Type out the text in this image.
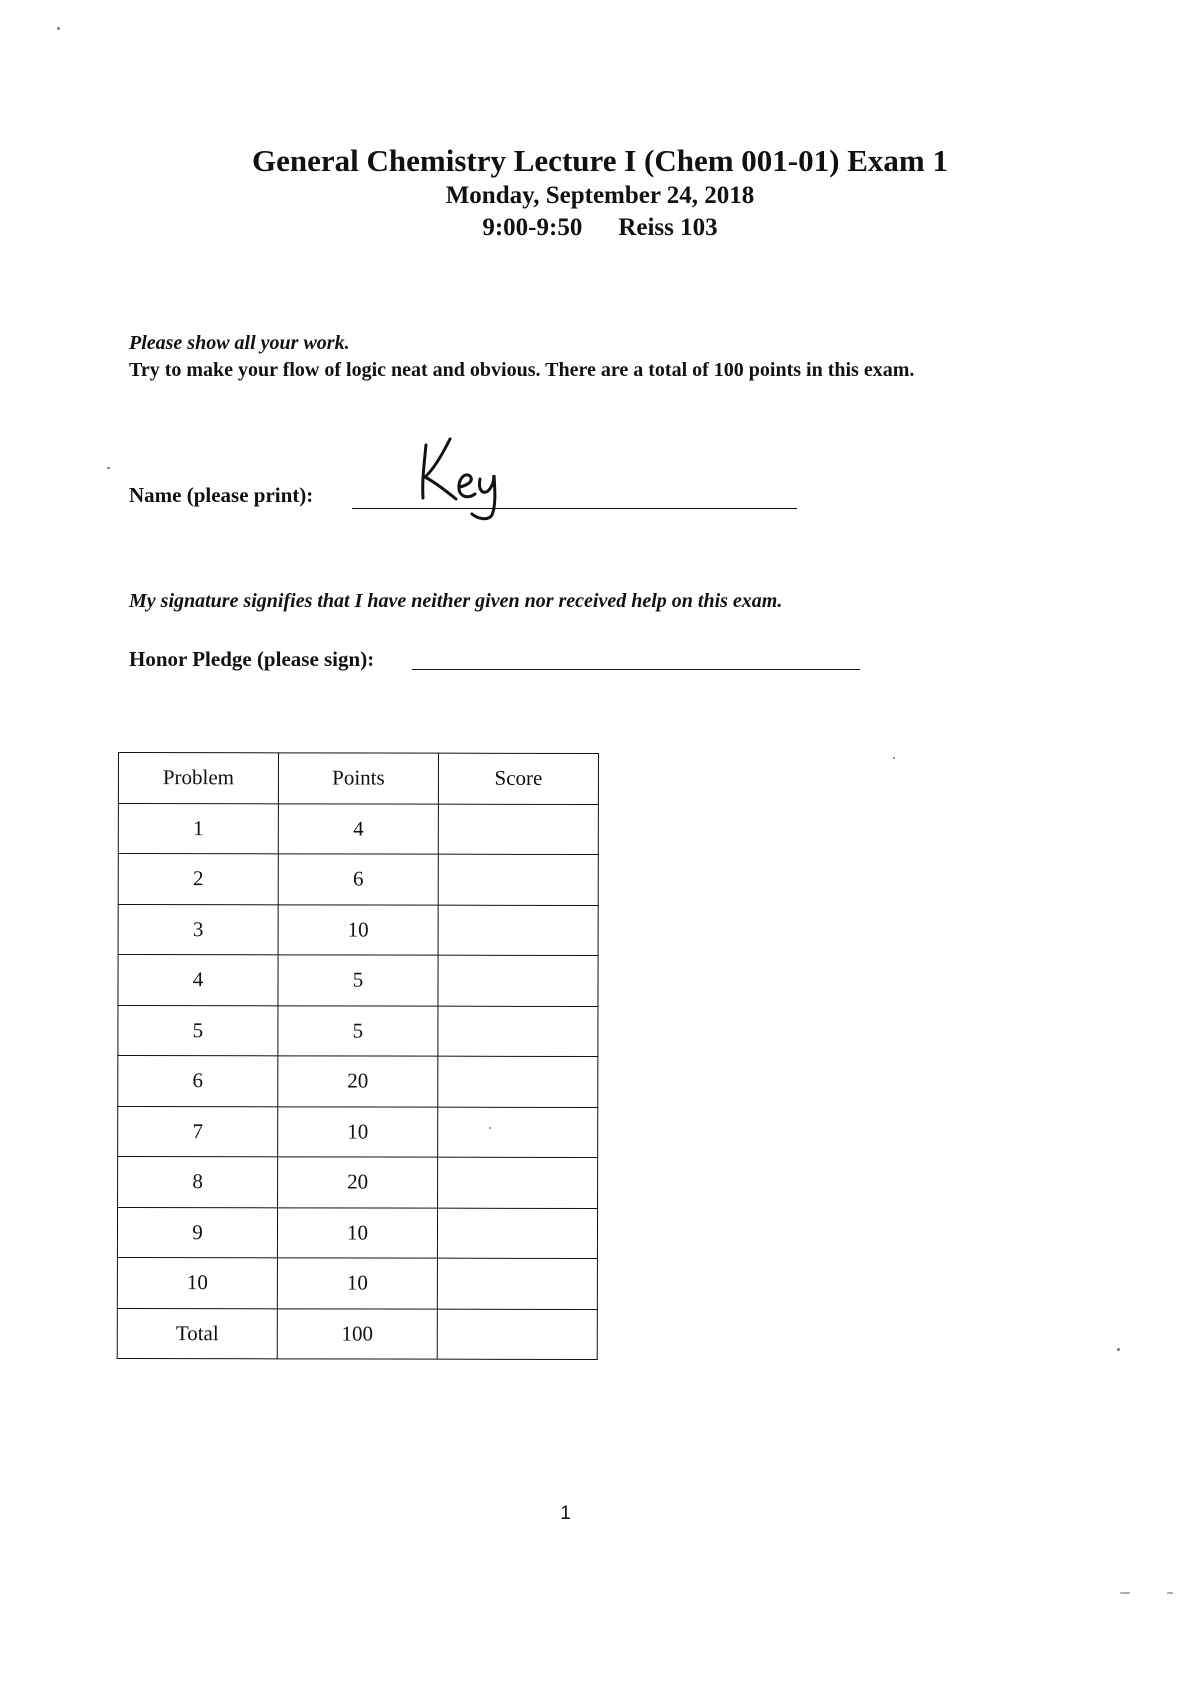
General Chemistry Lecture I (Chem 001-01) Exam 1

Monday, September 24, 2018

9:00-9:50 Reiss 103

Please show all your work.
Try to make your flow of logic neat and obvious. There are a total of 100 points in this exam.
Name (please print):
My signature signifies that I have neither given nor received help on this exam.
Honor Pledge (please sign):
Problem	Points	Score
1	4	
2	6	
3	10	
4	5	
5	5	
6	20	
7	10	
8	20	
9	10	
10	10	
Total	100	
1
